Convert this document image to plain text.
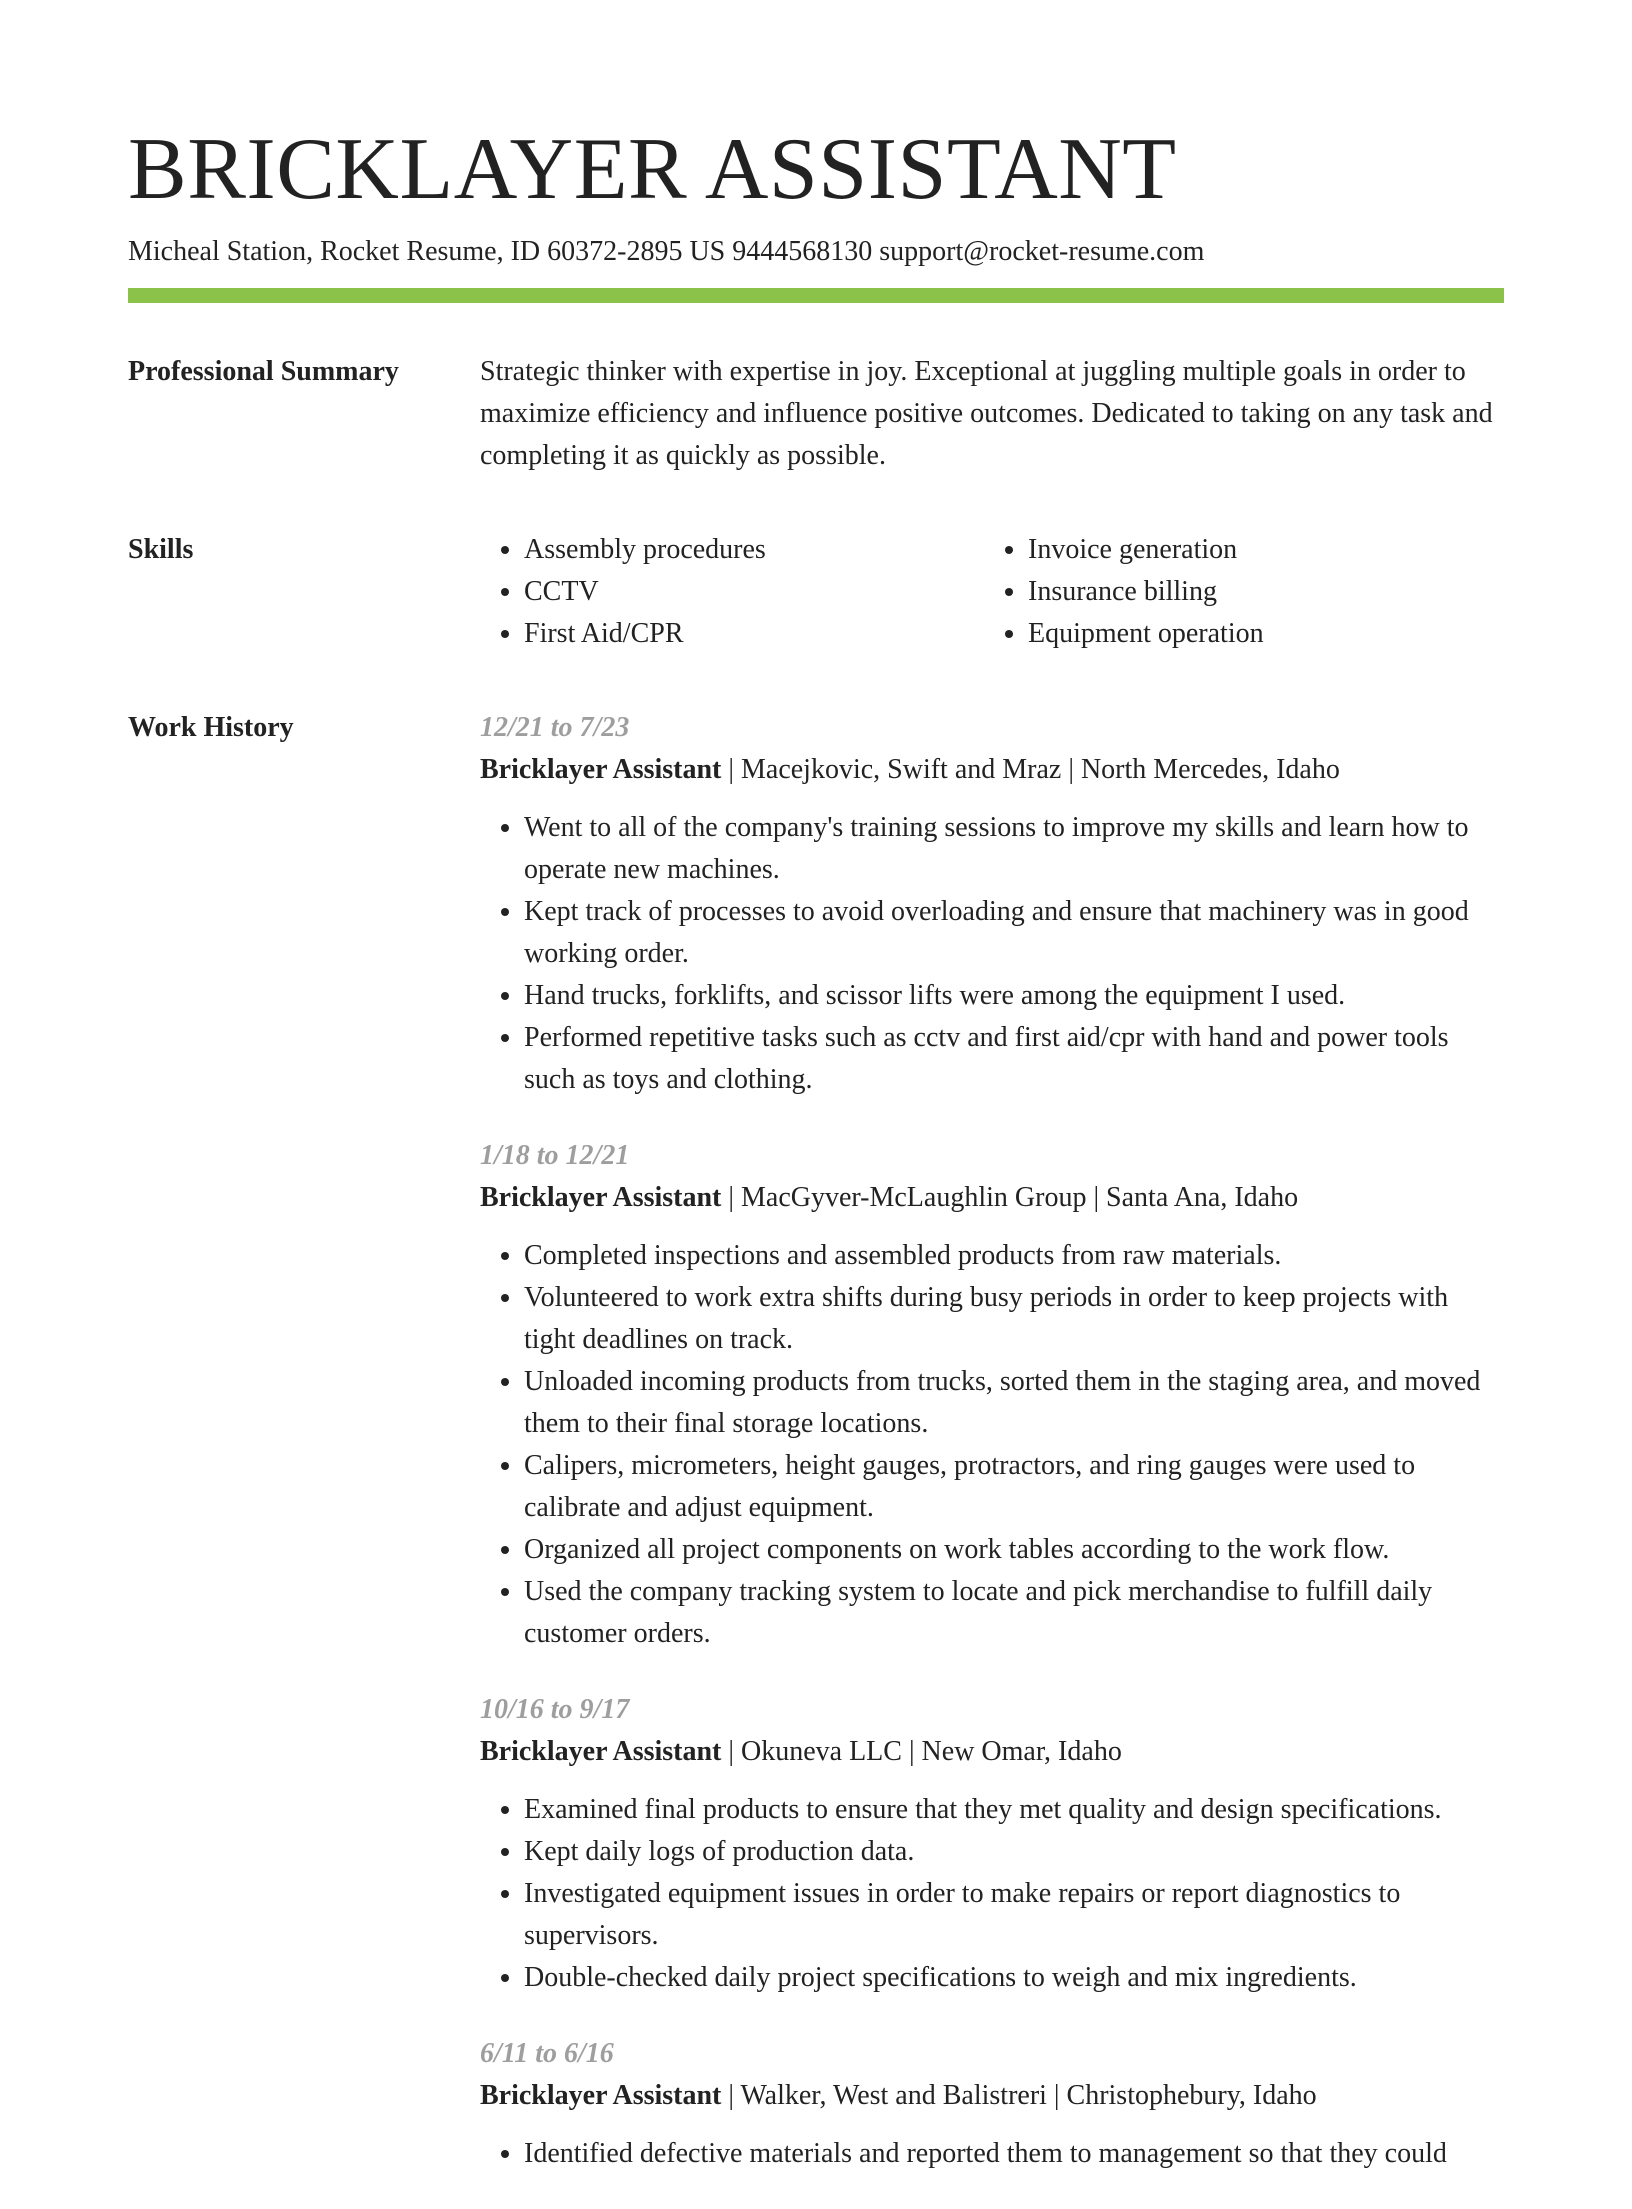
BRICKLAYER ASSISTANT
Micheal Station, Rocket Resume, ID 60372-2895 US 9444568130 support@rocket-resume.com
Professional Summary	Strategic thinker with expertise in joy. Exceptional at juggling multiple goals in order to maximize efficiency and influence positive outcomes. Dedicated to taking on any task and completing it as quickly as possible.

Skills
•	Assembly procedures
• CCTV
• First Aid/CPR
• Invoice generation
• Insurance billing
• Equipment operation
Work History	12/21 to 7/23
Bricklayer Assistant | Macejkovic, Swift and Mraz | North Mercedes, Idaho
• Went to all of the company's training sessions to improve my skills and learn how to operate new machines.
• Kept track of processes to avoid overloading and ensure that machinery was in good working order.
• Hand trucks, forklifts, and scissor lifts were among the equipment I used.
• Performed repetitive tasks such as cctv and first aid/cpr with hand and power tools such as toys and clothing.
1/18 to 12/21
Bricklayer Assistant | MacGyver-McLaughlin Group | Santa Ana, Idaho
• Completed inspections and assembled products from raw materials.
• Volunteered to work extra shifts during busy periods in order to keep projects with tight deadlines on track.
• Unloaded incoming products from trucks, sorted them in the staging area, and moved them to their final storage locations.
• Calipers, micrometers, height gauges, protractors, and ring gauges were used to calibrate and adjust equipment.
• Organized all project components on work tables according to the work flow.
• Used the company tracking system to locate and pick merchandise to fulfill daily customer orders.
10/16 to 9/17
Bricklayer Assistant | Okuneva LLC | New Omar, Idaho
• Examined final products to ensure that they met quality and design specifications.
• Kept daily logs of production data.
• Investigated equipment issues in order to make repairs or report diagnostics to supervisors.
• Double-checked daily project specifications to weigh and mix ingredients.
6/11 to 6/16
Bricklayer Assistant | Walker, West and Balistreri | Christophebury, Idaho
• Identified defective materials and reported them to management so that they could
